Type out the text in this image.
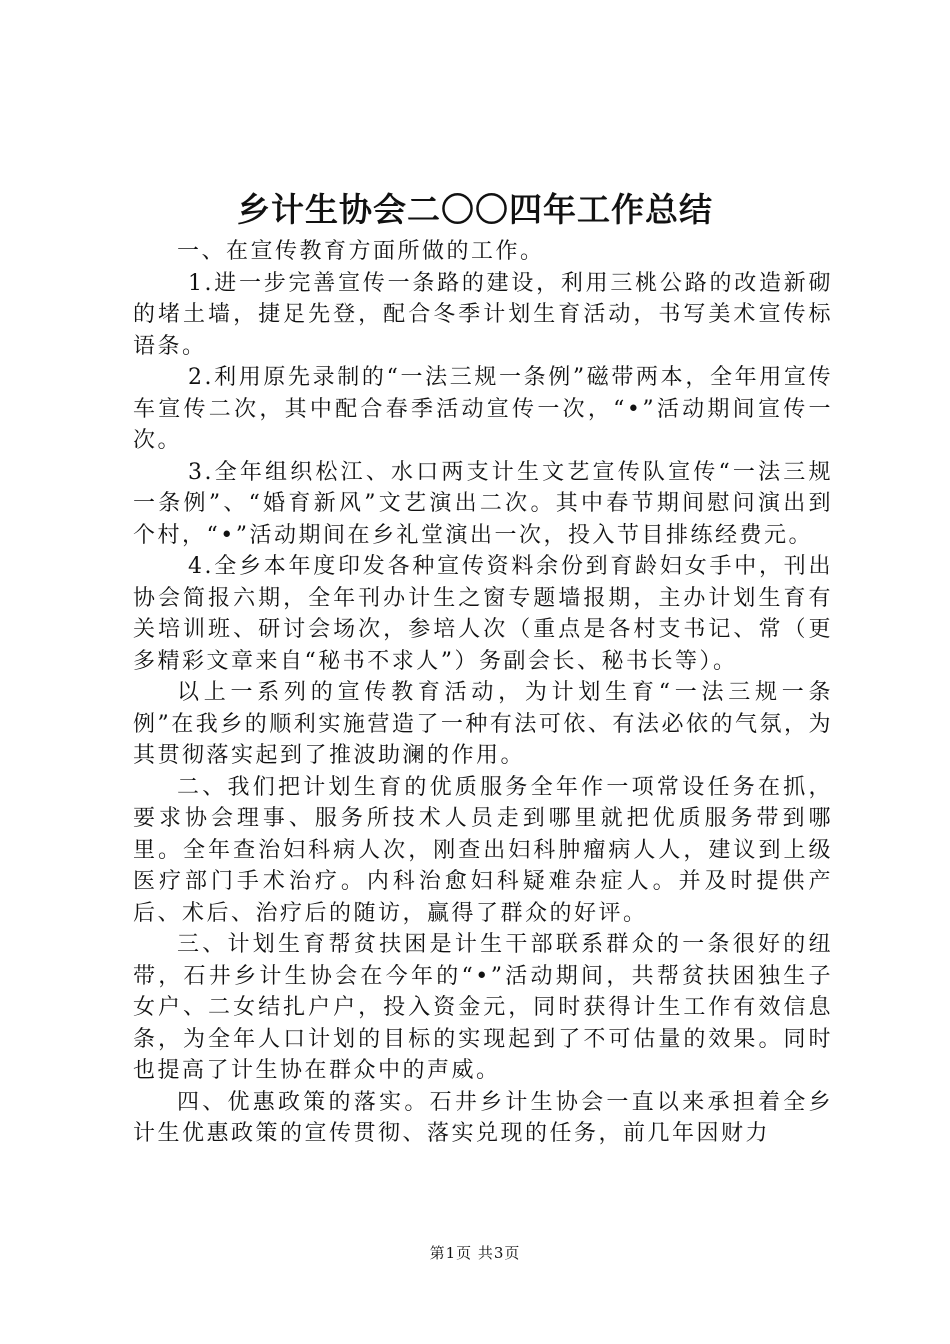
乡计生协会二〇〇四年工作总结

一、在宣传教育方面所做的工作。

1.进一步完善宣传一条路的建设，利用三桃公路的改造新砌的堵土墙，捷足先登，配合冬季计划生育活动，书写美术宣传标语条。

2.利用原先录制的“一法三规一条例”磁带两本，全年用宣传车宣传二次，其中配合春季活动宣传一次，“•”活动期间宣传一次。

3.全年组织松江、水口两支计生文艺宣传队宣传“一法三规一条例”、“婚育新风”文艺演出二次。其中春节期间慰问演出到个村，“•”活动期间在乡礼堂演出一次，投入节目排练经费元。

4.全乡本年度印发各种宣传资料余份到育龄妇女手中，刊出协会简报六期，全年刊办计生之窗专题墙报期，主办计划生育有关培训班、研讨会场次，参培人次（重点是各村支书记、常（更多精彩文章来自“秘书不求人”）务副会长、秘书长等）。

以上一系列的宣传教育活动，为计划生育“一法三规一条例”在我乡的顺利实施营造了一种有法可依、有法必依的气氛，为其贯彻落实起到了推波助澜的作用。

二、我们把计划生育的优质服务全年作一项常设任务在抓，要求协会理事、服务所技术人员走到哪里就把优质服务带到哪里。全年查治妇科病人次，刚查出妇科肿瘤病人人，建议到上级医疗部门手术治疗。内科治愈妇科疑难杂症人。并及时提供产后、术后、治疗后的随访，赢得了群众的好评。

三、计划生育帮贫扶困是计生干部联系群众的一条很好的纽带，石井乡计生协会在今年的“•”活动期间，共帮贫扶困独生子女户、二女结扎户户，投入资金元，同时获得计生工作有效信息条，为全年人口计划的目标的实现起到了不可估量的效果。同时也提高了计生协在群众中的声威。

四、优惠政策的落实。石井乡计生协会一直以来承担着全乡计生优惠政策的宣传贯彻、落实兑现的任务，前几年因财力

第1页 共3页
